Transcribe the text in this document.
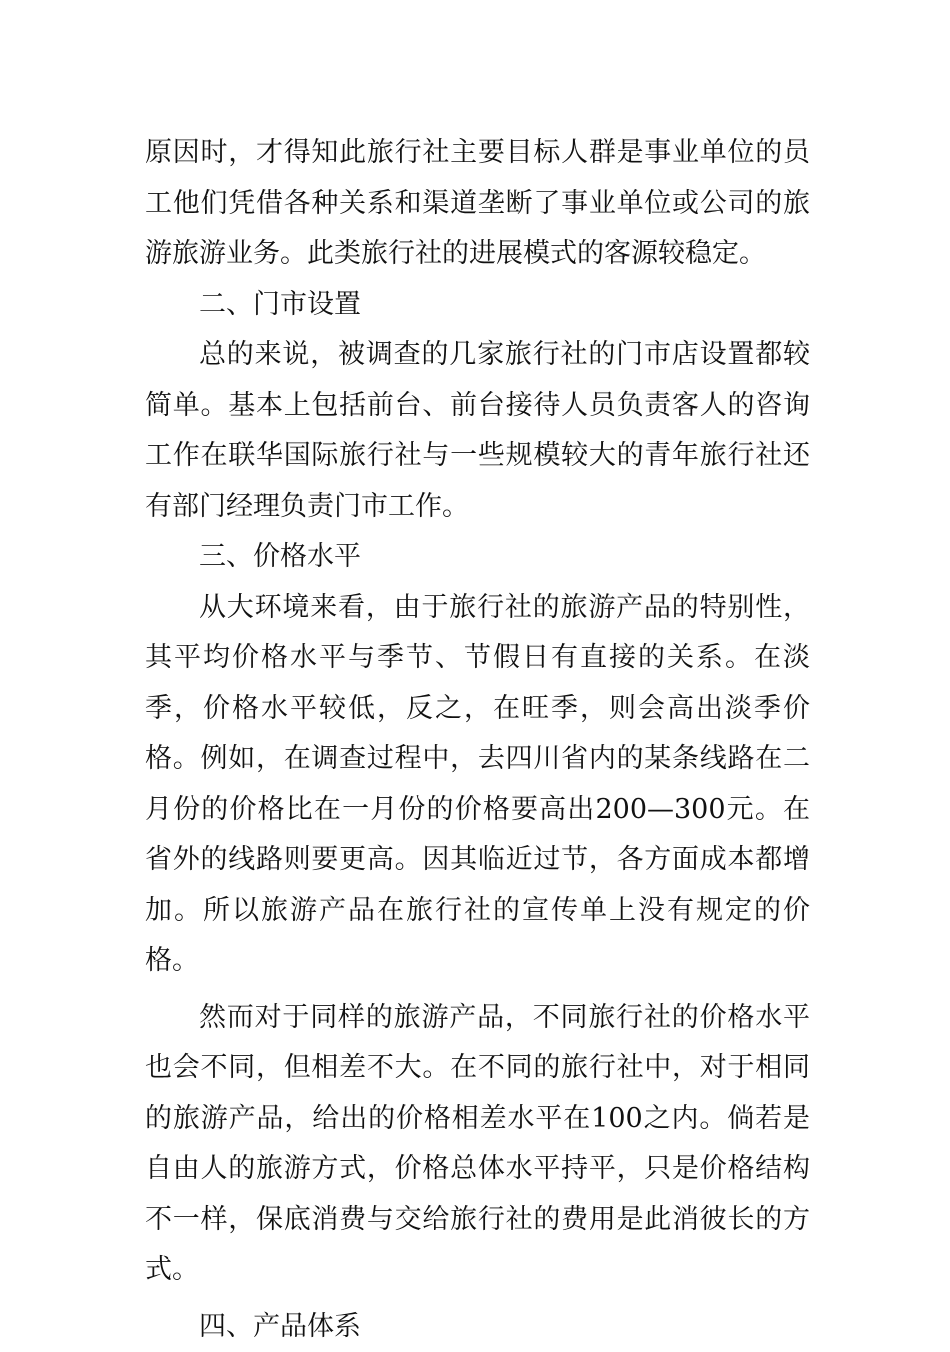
原因时，才得知此旅行社主要目标人群是事业单位的员工他们凭借各种关系和渠道垄断了事业单位或公司的旅游旅游业务。此类旅行社的进展模式的客源较稳定。

二、门市设置

总的来说，被调查的几家旅行社的门市店设置都较简单。基本上包括前台、前台接待人员负责客人的咨询工作在联华国际旅行社与一些规模较大的青年旅行社还有部门经理负责门市工作。

三、价格水平

从大环境来看，由于旅行社的旅游产品的特别性，其平均价格水平与季节、节假日有直接的关系。在淡季，价格水平较低，反之，在旺季，则会高出淡季价格。例如，在调查过程中，去四川省内的某条线路在二月份的价格比在一月份的价格要高出200—300元。在省外的线路则要更高。因其临近过节，各方面成本都增加。所以旅游产品在旅行社的宣传单上没有规定的价格。

然而对于同样的旅游产品，不同旅行社的价格水平也会不同，但相差不大。在不同的旅行社中，对于相同的旅游产品，给出的价格相差水平在100之内。倘若是自由人的旅游方式，价格总体水平持平，只是价格结构不一样，保底消费与交给旅行社的费用是此消彼长的方式。

四、产品体系
